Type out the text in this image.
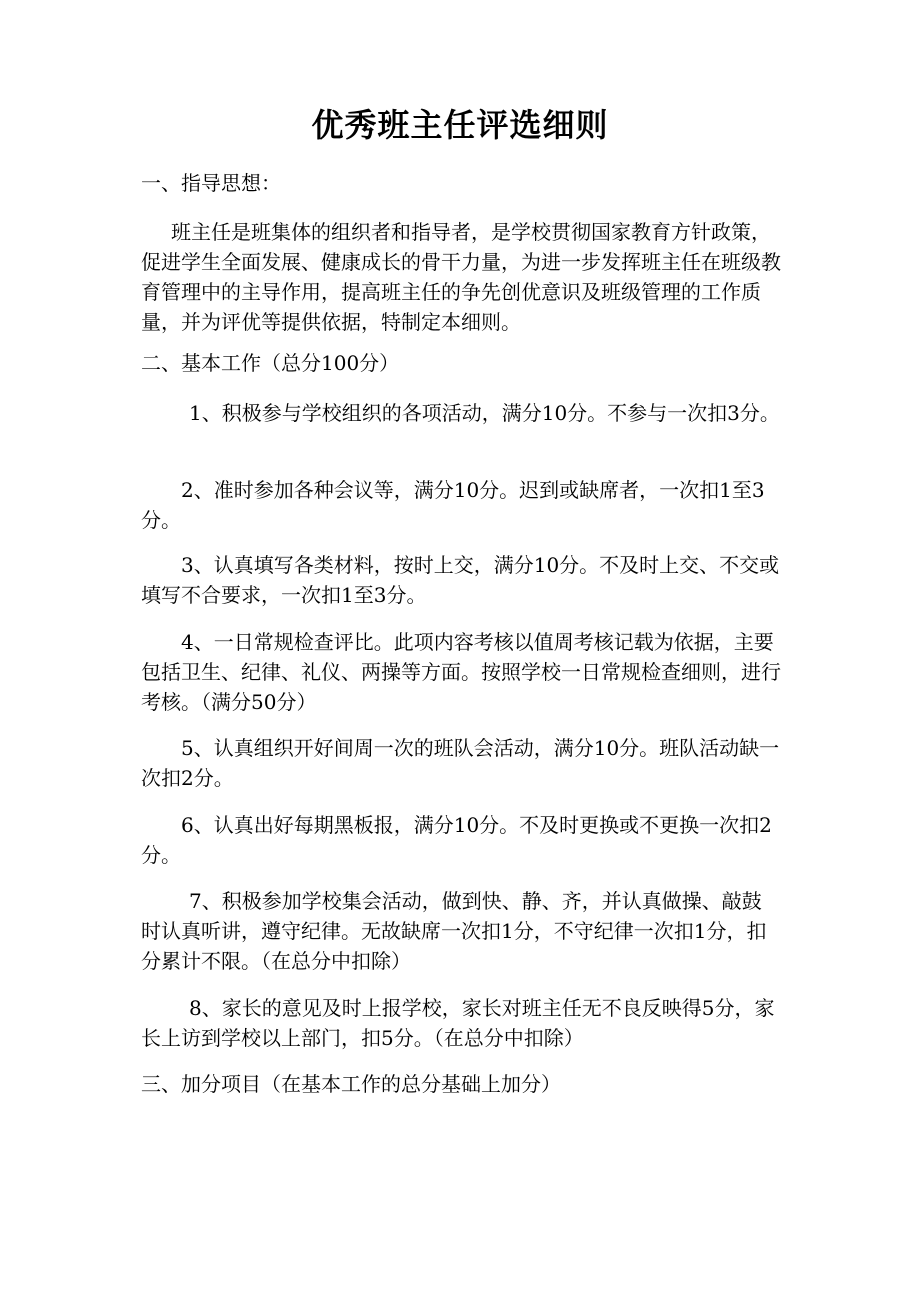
优秀班主任评选细则

一、指导思想：

班主任是班集体的组织者和指导者，是学校贯彻国家教育方针政策，促进学生全面发展、健康成长的骨干力量，为进一步发挥班主任在班级教育管理中的主导作用，提高班主任的争先创优意识及班级管理的工作质量，并为评优等提供依据，特制定本细则。

二、基本工作（总分100分）

1、积极参与学校组织的各项活动，满分10分。不参与一次扣3分。

2、准时参加各种会议等，满分10分。迟到或缺席者，一次扣1至3分。

3、认真填写各类材料，按时上交，满分10分。不及时上交、不交或填写不合要求，一次扣1至3分。

4、一日常规检查评比。此项内容考核以值周考核记载为依据，主要包括卫生、纪律、礼仪、两操等方面。按照学校一日常规检查细则，进行考核。（满分50分）

5、认真组织开好间周一次的班队会活动，满分10分。班队活动缺一次扣2分。

6、认真出好每期黑板报，满分10分。不及时更换或不更换一次扣2分。

7、积极参加学校集会活动，做到快、静、齐，并认真做操、敲鼓时认真听讲，遵守纪律。无故缺席一次扣1分，不守纪律一次扣1分，扣分累计不限。（在总分中扣除）

8、家长的意见及时上报学校，家长对班主任无不良反映得5分，家长上访到学校以上部门，扣5分。（在总分中扣除）

三、加分项目（在基本工作的总分基础上加分）
